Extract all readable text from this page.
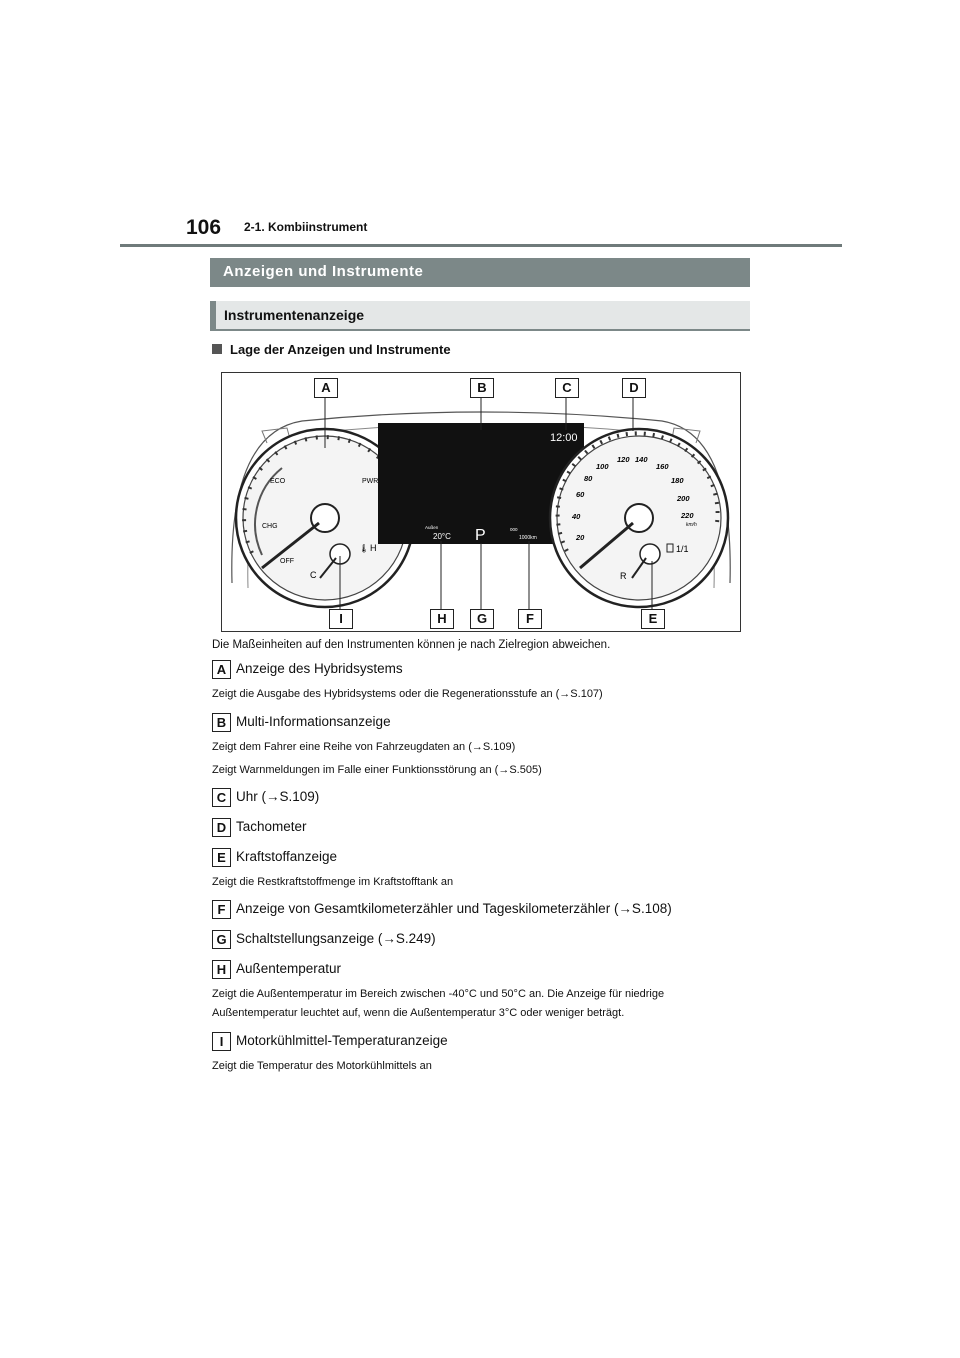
106 2-1. Kombiinstrument
Anzeigen und Instrumente
Instrumentenanzeige
Lage der Anzeigen und Instrumente
ECO	PWR
CHG
OFF
C
H
🌡
12:00
Außen
20°C P	000
1000km	20
40
60
80
100
120 140
160
180
200
220
km/h
R
1/1
A	B	C	D
I	H	G	F	E
Die Maßeinheiten auf den Instrumenten können je nach Zielregion abweichen.
A Anzeige des Hybridsystems
Zeigt die Ausgabe des Hybridsystems oder die Regenerationsstufe an (→S.107)
B Multi-Informationsanzeige
Zeigt dem Fahrer eine Reihe von Fahrzeugdaten an (→S.109)
Zeigt Warnmeldungen im Falle einer Funktionsstörung an (→S.505)
C Uhr (→S.109)
D Tachometer
E Kraftstoffanzeige
Zeigt die Restkraftstoffmenge im Kraftstofftank an
F Anzeige von Gesamtkilometerzähler und Tageskilometerzähler (→S.108)
G Schaltstellungsanzeige (→S.249)
H Außentemperatur
Zeigt die Außentemperatur im Bereich zwischen -40°C und 50°C an. Die Anzeige für niedrige
Außentemperatur leuchtet auf, wenn die Außentemperatur 3°C oder weniger beträgt.
I Motorkühlmittel-Temperaturanzeige
Zeigt die Temperatur des Motorkühlmittels an
